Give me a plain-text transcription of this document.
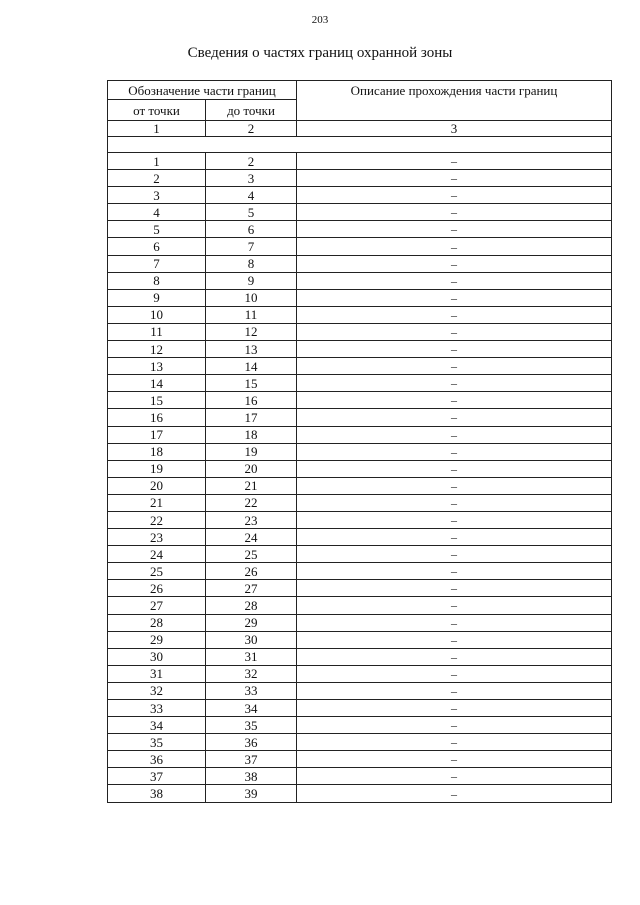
203
Сведения о частях границ охранной зоны
Обозначение части границ		Описание прохождения части границ
от точки	до точки	
1	2	3

1	2	–
2	3	–
3	4	–
4	5	–
5	6	–
6	7	–
7	8	–
8	9	–
9	10	–
10	11	–
11	12	–
12	13	–
13	14	–
14	15	–
15	16	–
16	17	–
17	18	–
18	19	–
19	20	–
20	21	–
21	22	–
22	23	–
23	24	–
24	25	–
25	26	–
26	27	–
27	28	–
28	29	–
29	30	–
30	31	–
31	32	–
32	33	–
33	34	–
34	35	–
35	36	–
36	37	–
37	38	–
38	39	–
